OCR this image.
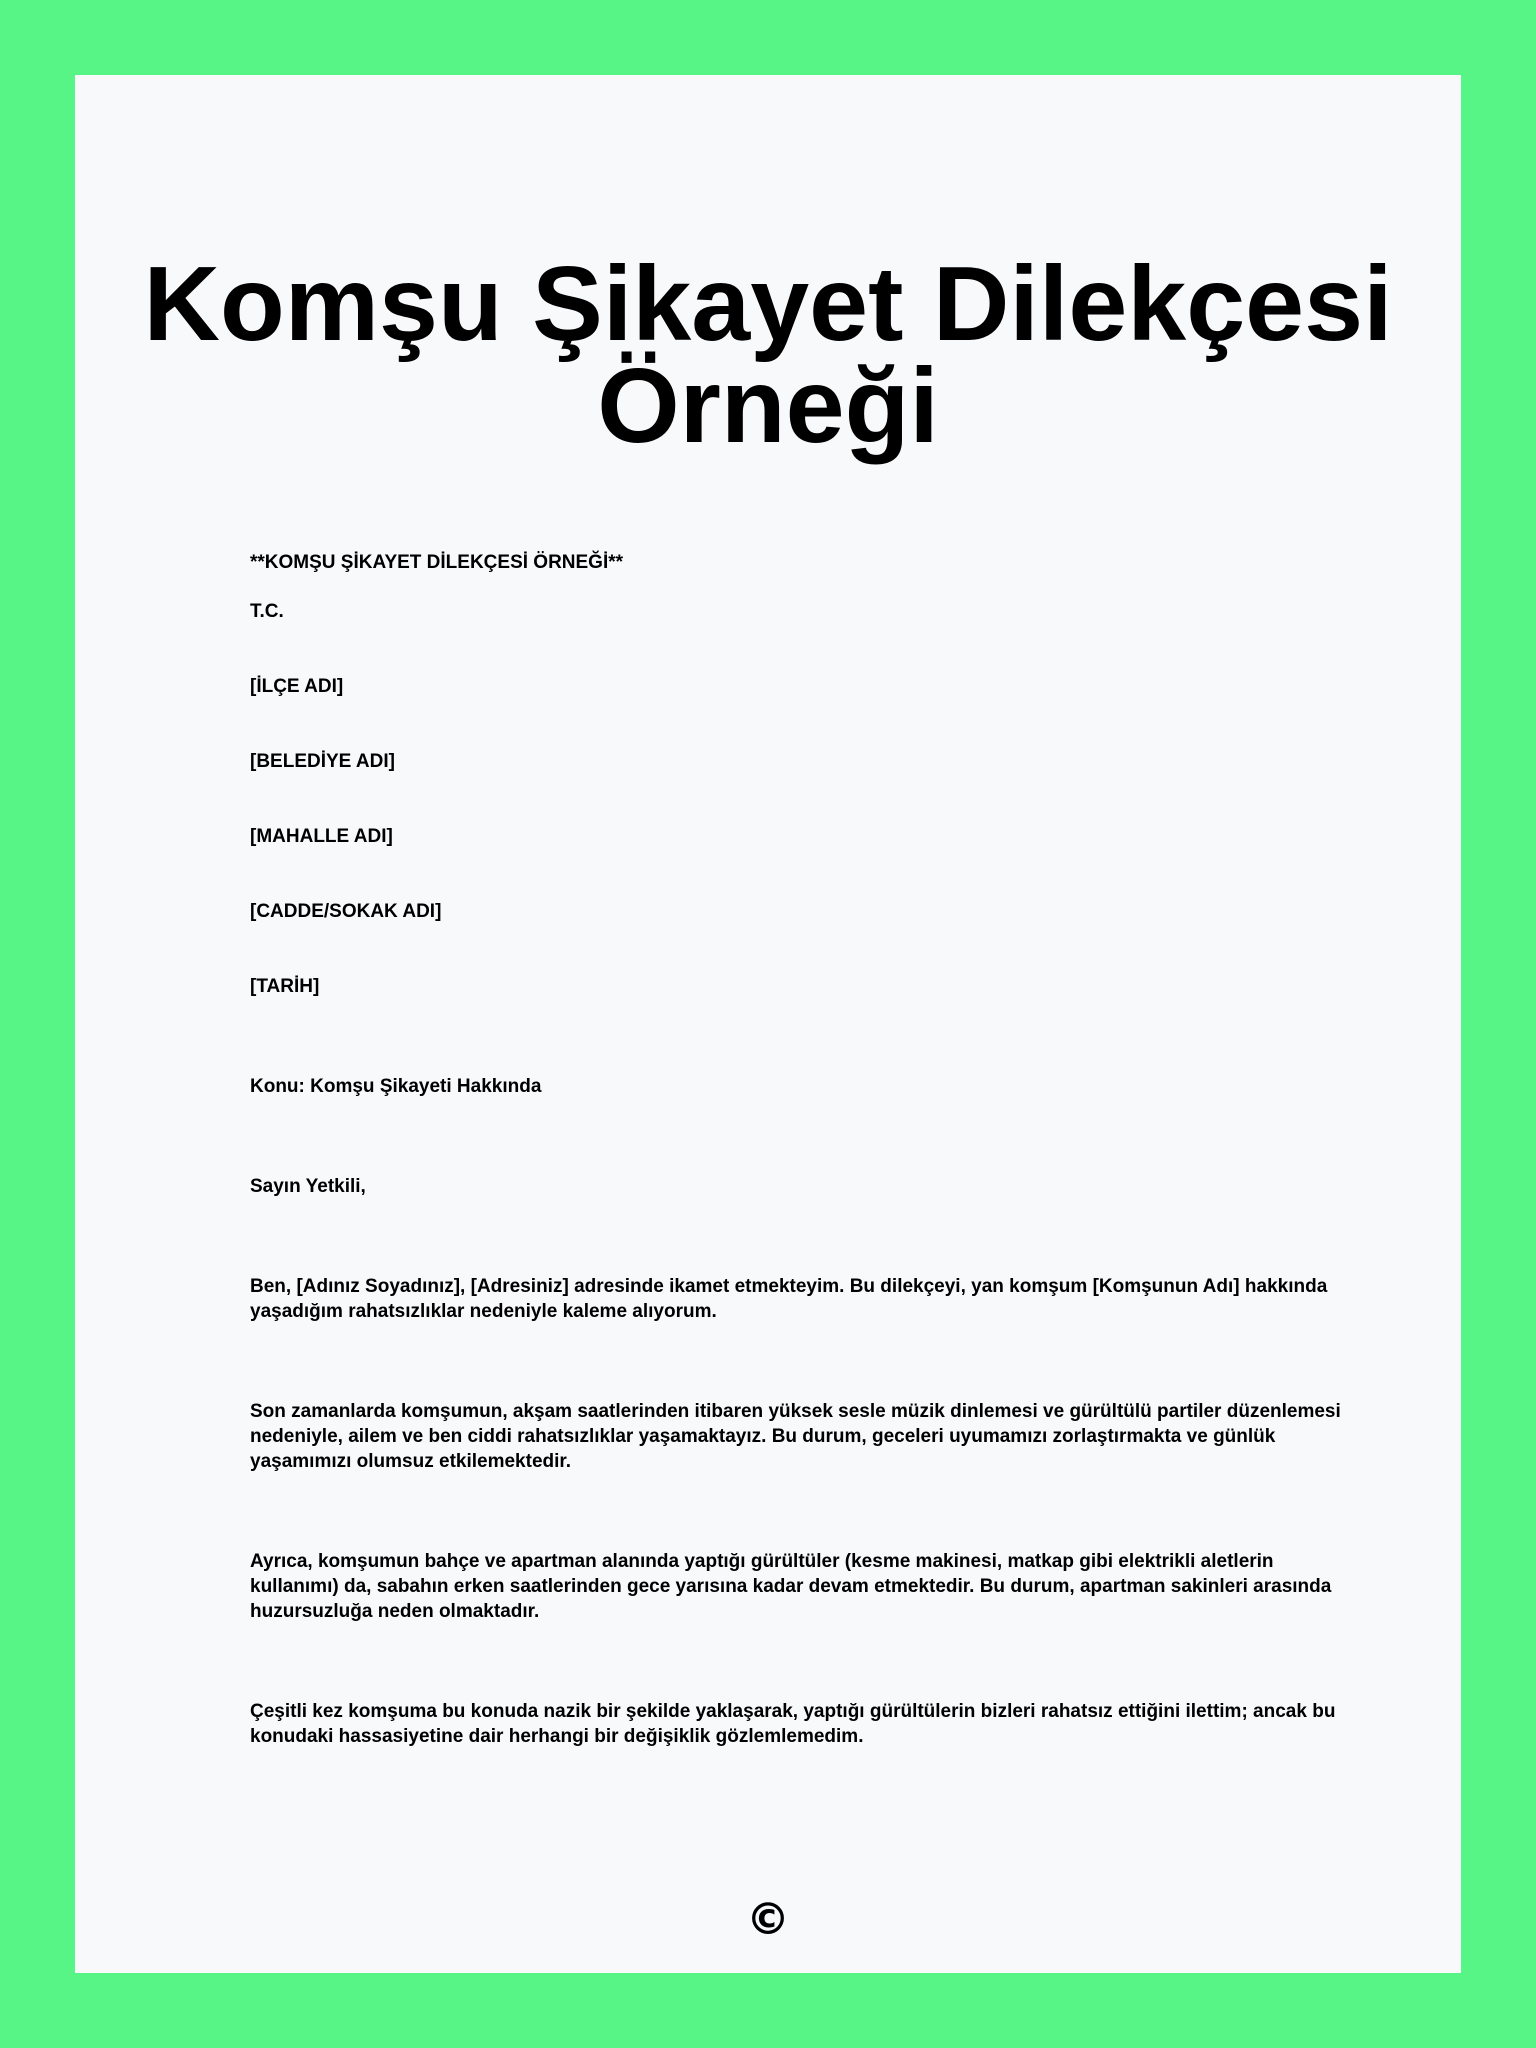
Komşu Şikayet Dilekçesi Örneği

**KOMŞU ŞİKAYET DİLEKÇESİ ÖRNEĞİ**

T.C.

[İLÇE ADI]

[BELEDİYE ADI]

[MAHALLE ADI]

[CADDE/SOKAK ADI]

[TARİH]

Konu: Komşu Şikayeti Hakkında

Sayın Yetkili,

Ben, [Adınız Soyadınız], [Adresiniz] adresinde ikamet etmekteyim. Bu dilekçeyi, yan komşum [Komşunun Adı] hakkında yaşadığım rahatsızlıklar nedeniyle kaleme alıyorum.

Son zamanlarda komşumun, akşam saatlerinden itibaren yüksek sesle müzik dinlemesi ve gürültülü partiler düzenlemesi nedeniyle, ailem ve ben ciddi rahatsızlıklar yaşamaktayız. Bu durum, geceleri uyumamızı zorlaştırmakta ve günlük yaşamımızı olumsuz etkilemektedir.

Ayrıca, komşumun bahçe ve apartman alanında yaptığı gürültüler (kesme makinesi, matkap gibi elektrikli aletlerin kullanımı) da, sabahın erken saatlerinden gece yarısına kadar devam etmektedir. Bu durum, apartman sakinleri arasında huzursuzluğa neden olmaktadır.

Çeşitli kez komşuma bu konuda nazik bir şekilde yaklaşarak, yaptığı gürültülerin bizleri rahatsız ettiğini ilettim; ancak bu konudaki hassasiyetine dair herhangi bir değişiklik gözlemlemedim.

©
